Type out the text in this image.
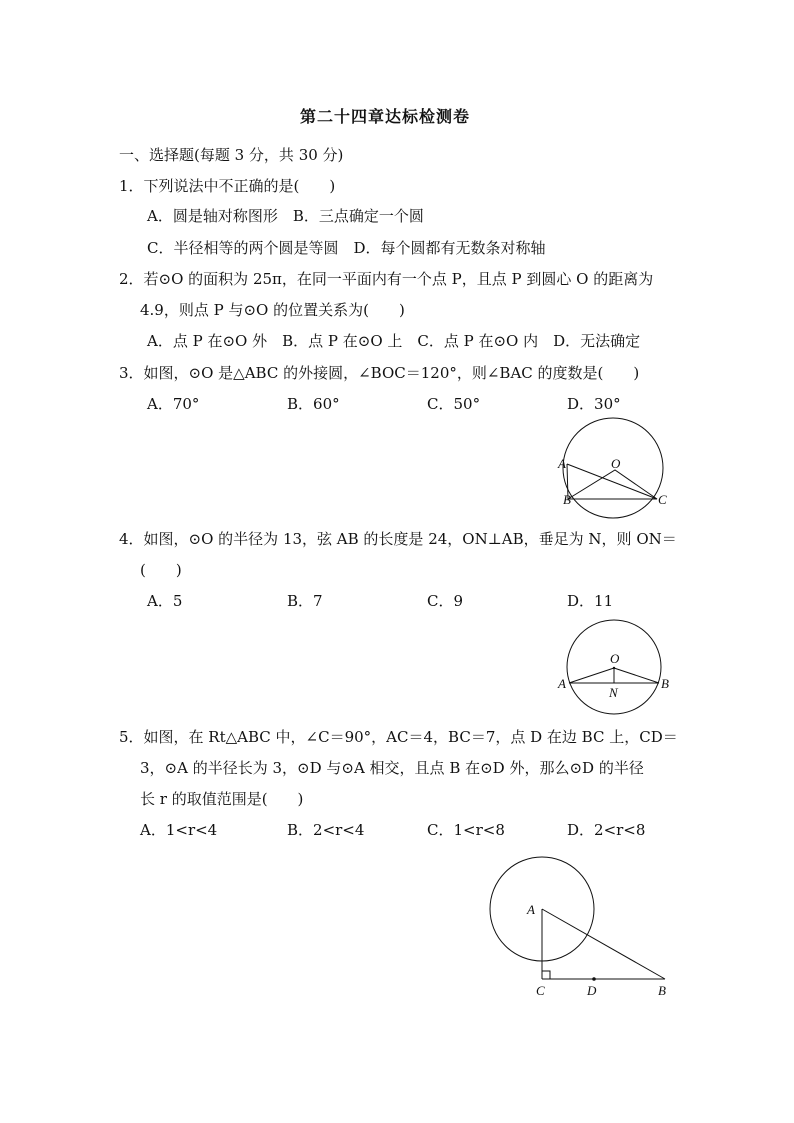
第二十四章达标检测卷
一、选择题(每题 3 分，共 30 分)
1．下列说法中不正确的是(　　)
A．圆是轴对称图形　B．三点确定一个圆
C．半径相等的两个圆是等圆　D．每个圆都有无数条对称轴
2．若⊙O 的面积为 25π，在同一平面内有一个点 P，且点 P 到圆心 O 的距离为
4.9，则点 P 与⊙O 的位置关系为(　　)
A．点 P 在⊙O 外　B．点 P 在⊙O 上　C．点 P 在⊙O 内　D．无法确定
3．如图，⊙O 是△ABC 的外接圆，∠BOC＝120°，则∠BAC 的度数是(　　)
A．70°	B．60°	C．50°	D．30°
A	O
B	C
4．如图，⊙O 的半径为 13，弦 AB 的长度是 24，ON⊥AB，垂足为 N，则 ON＝
(　　)
A．5	B．7	C．9	D．11
O
A
N
B
5．如图，在 Rt△ABC 中，∠C＝90°，AC＝4，BC＝7，点 D 在边 BC 上，CD＝
3，⊙A 的半径长为 3，⊙D 与⊙A 相交，且点 B 在⊙D 外，那么⊙D 的半径
长 r 的取值范围是(　　)
A．1<r<4	B．2<r<4	C．1<r<8	D．2<r<8
A
C	D	B
